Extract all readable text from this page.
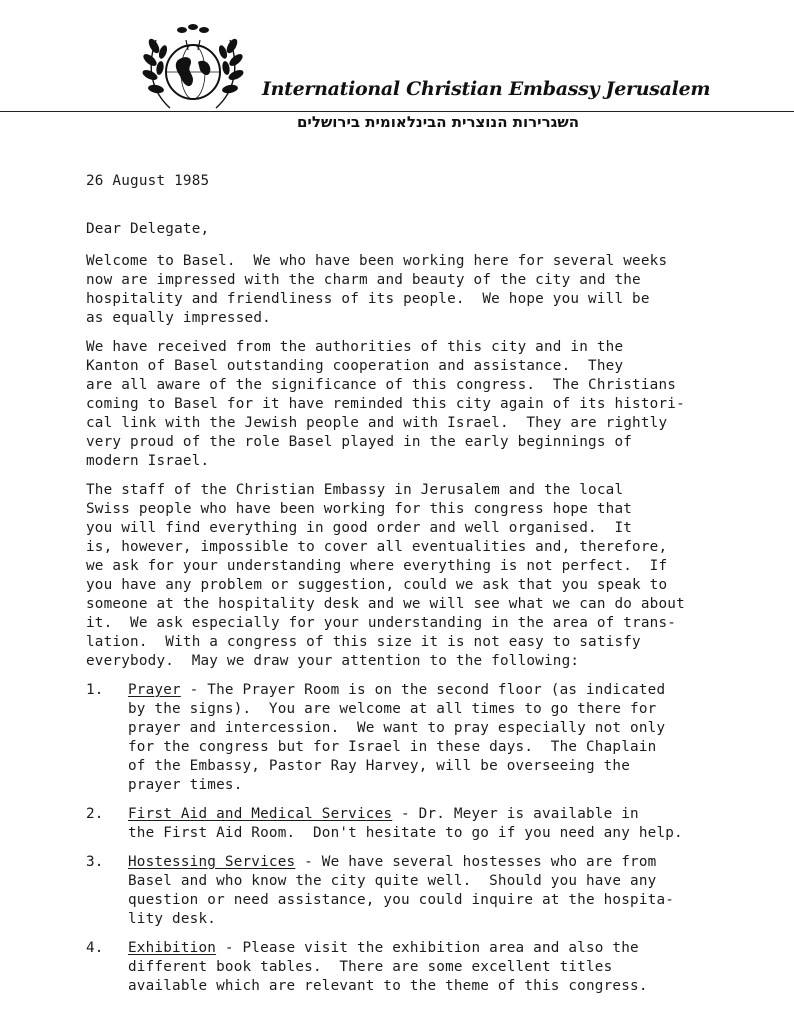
International Christian Embassy Jerusalem
השגרירות הנוצרית הבינלאומית בירושלים
26 August 1985
Dear Delegate,

Welcome to Basel.  We who have been working here for several weeks
now are impressed with the charm and beauty of the city and the
hospitality and friendliness of its people.  We hope you will be
as equally impressed.

We have received from the authorities of this city and in the
Kanton of Basel outstanding cooperation and assistance.  They
are all aware of the significance of this congress.  The Christians
coming to Basel for it have reminded this city again of its histori-
cal link with the Jewish people and with Israel.  They are rightly
very proud of the role Basel played in the early beginnings of
modern Israel.

The staff of the Christian Embassy in Jerusalem and the local
Swiss people who have been working for this congress hope that
you will find everything in good order and well organised.  It
is, however, impossible to cover all eventualities and, therefore,
we ask for your understanding where everything is not perfect.  If
you have any problem or suggestion, could we ask that you speak to
someone at the hospitality desk and we will see what we can do about
it.  We ask especially for your understanding in the area of trans-
lation.  With a congress of this size it is not easy to satisfy
everybody.  May we draw your attention to the following:

1.	Prayer - The Prayer Room is on the second floor (as indicated
by the signs).  You are welcome at all times to go there for
prayer and intercession.  We want to pray especially not only
for the congress but for Israel in these days.  The Chaplain
of the Embassy, Pastor Ray Harvey, will be overseeing the
prayer times.
2.	First Aid and Medical Services - Dr. Meyer is available in
the First Aid Room.  Don't hesitate to go if you need any help.
3.	Hostessing Services - We have several hostesses who are from
Basel and who know the city quite well.  Should you have any
question or need assistance, you could inquire at the hospita-
lity desk.
4.	Exhibition - Please visit the exhibition area and also the
different book tables.  There are some excellent titles
available which are relevant to the theme of this congress.
